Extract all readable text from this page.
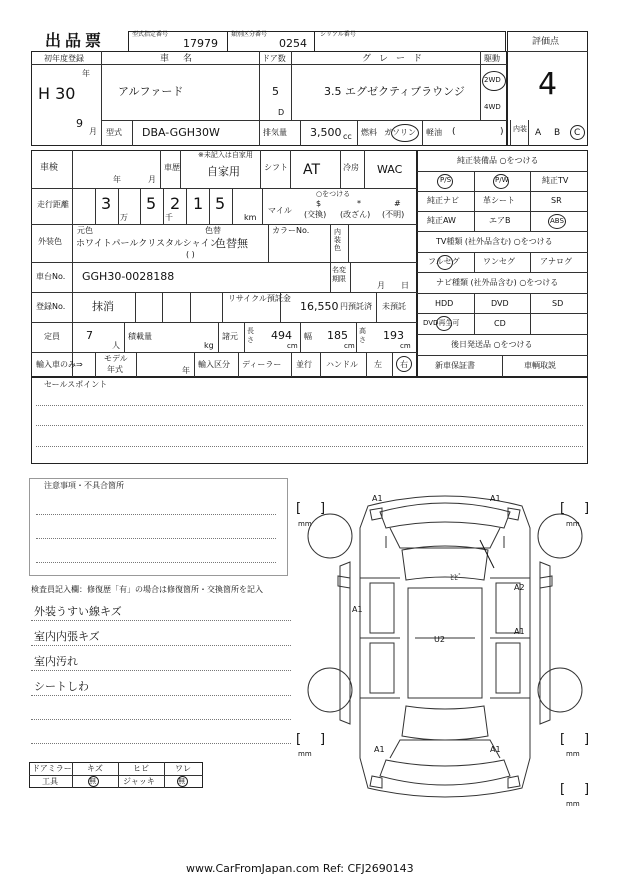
出品票	型式指定番号
17979
類別区分番号
0254
シリアル番号
評価点
4
初年度登録
年
H 30
9
月
車名
アルファード
ドア数
5
D
グレード
3.5 エグゼクティブラウンジ
駆動
2WD
4WD
型式 DBA-GGH30W	排気量 3,500 cc 燃料 ガソリン 軽油 (	) 内装 A B C
車検
年	月
車歴
※未記入は自家用
自家用	シフト AT	冷房 WAC
走行距離 3
万
5
千
2 1 5
km
○をつける
マイル
$
(交換)
*
(改ざん)
#
(不明)
外装色
元色
ホワイトパールクリスタルシャイン
色替
色替無
( )
カラーNo.	内装色
車台No. GGH30-0028188	名変期限
月 日
登録No. 抹消
リサイクル預託金
16,550 円預託済 未預託
定員 7
人
積載量
kg
諸元
長さ 494
cm
幅 185
cm
高さ 193
cm
輸入車のみ⇒
モデル
年式	年
輸入区分 ディーラー 並行 ハンドル 左 右
純正装備品 ○をつける
P/S	P/W	純正TV
純正ナビ	革シート	SR
純正AW	エアB	ABS
TV種類 (社外品含む) ○をつける
フルセグ	ワンセグ	アナログ
ナビ種類 (社外品含む) ○をつける
HDD	DVD	SD
DVD再生可	CD
後日発送品 ○をつける
新車保証書	車輌取説
セールスポイント
注意事項・不具合箇所
検査員記入欄：修復歴「有」の場合は修復箇所・交換箇所を記入
外装うすい線キズ
室内内張キズ
室内汚れ
シートしわ
ドアミラー キズ	ヒビ	ワレ
工具	無	ジャッキ	無
[ ]	[ ]
[ ]	[ ]
[ ]
mm	mm
mm	mm
mm
A1	A1
ﾋﾋﾞ
A2
A1
A1
U2
A1	A1
www.CarFromJapan.com Ref: CFJ2690143
